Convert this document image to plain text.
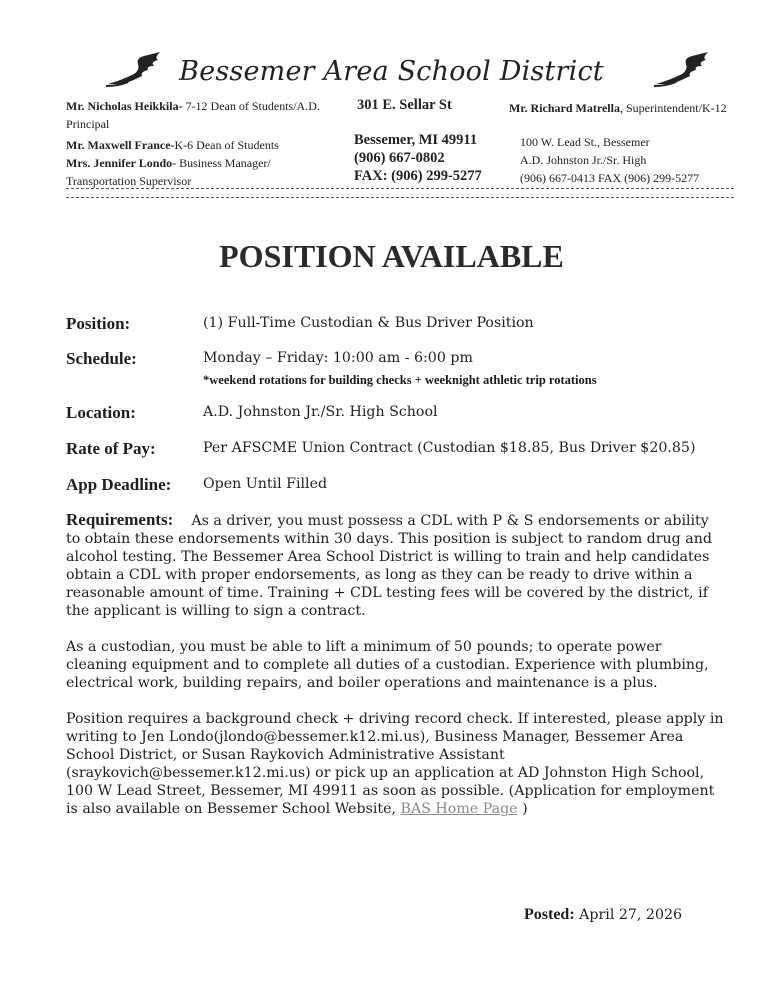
Bessemer Area School District
Mr. Nicholas Heikkila- 7-12 Dean of Students/A.D.
Principal
Mr. Maxwell France-K-6 Dean of Students
Mrs. Jennifer Londo- Business Manager/
Transportation Supervisor
301 E. Sellar St
Bessemer, MI 49911
(906) 667-0802
FAX: (906) 299-5277
Mr. Richard Matrella, Superintendent/K-12
100 W. Lead St., Bessemer
A.D. Johnston Jr./Sr. High
(906) 667-0413 FAX (906) 299-5277
POSITION AVAILABLE
Position:	(1) Full-Time Custodian & Bus Driver Position
Schedule:	Monday – Friday: 10:00 am - 6:00 pm
*weekend rotations for building checks + weeknight athletic trip rotations
Location:	A.D. Johnston Jr./Sr. High School
Rate of Pay:	Per AFSCME Union Contract (Custodian $18.85, Bus Driver $20.85)
App Deadline: Open Until Filled
Requirements: As a driver, you must possess a CDL with P & S endorsements or ability to obtain these endorsements within 30 days. This position is subject to random drug and alcohol testing. The Bessemer Area School District is willing to train and help candidates obtain a CDL with proper endorsements, as long as they can be ready to drive within a reasonable amount of time. Training + CDL testing fees will be covered by the district, if the applicant is willing to sign a contract.
As a custodian, you must be able to lift a minimum of 50 pounds; to operate power cleaning equipment and to complete all duties of a custodian. Experience with plumbing, electrical work, building repairs, and boiler operations and maintenance is a plus.
Position requires a background check + driving record check. If interested, please apply in writing to Jen Londo(jlondo@bessemer.k12.mi.us), Business Manager, Bessemer Area School District, or Susan Raykovich Administrative Assistant (sraykovich@bessemer.k12.mi.us) or pick up an application at AD Johnston High School, 100 W Lead Street, Bessemer, MI 49911 as soon as possible. (Application for employment is also available on Bessemer School Website, BAS Home Page )
Posted: April 27, 2026
